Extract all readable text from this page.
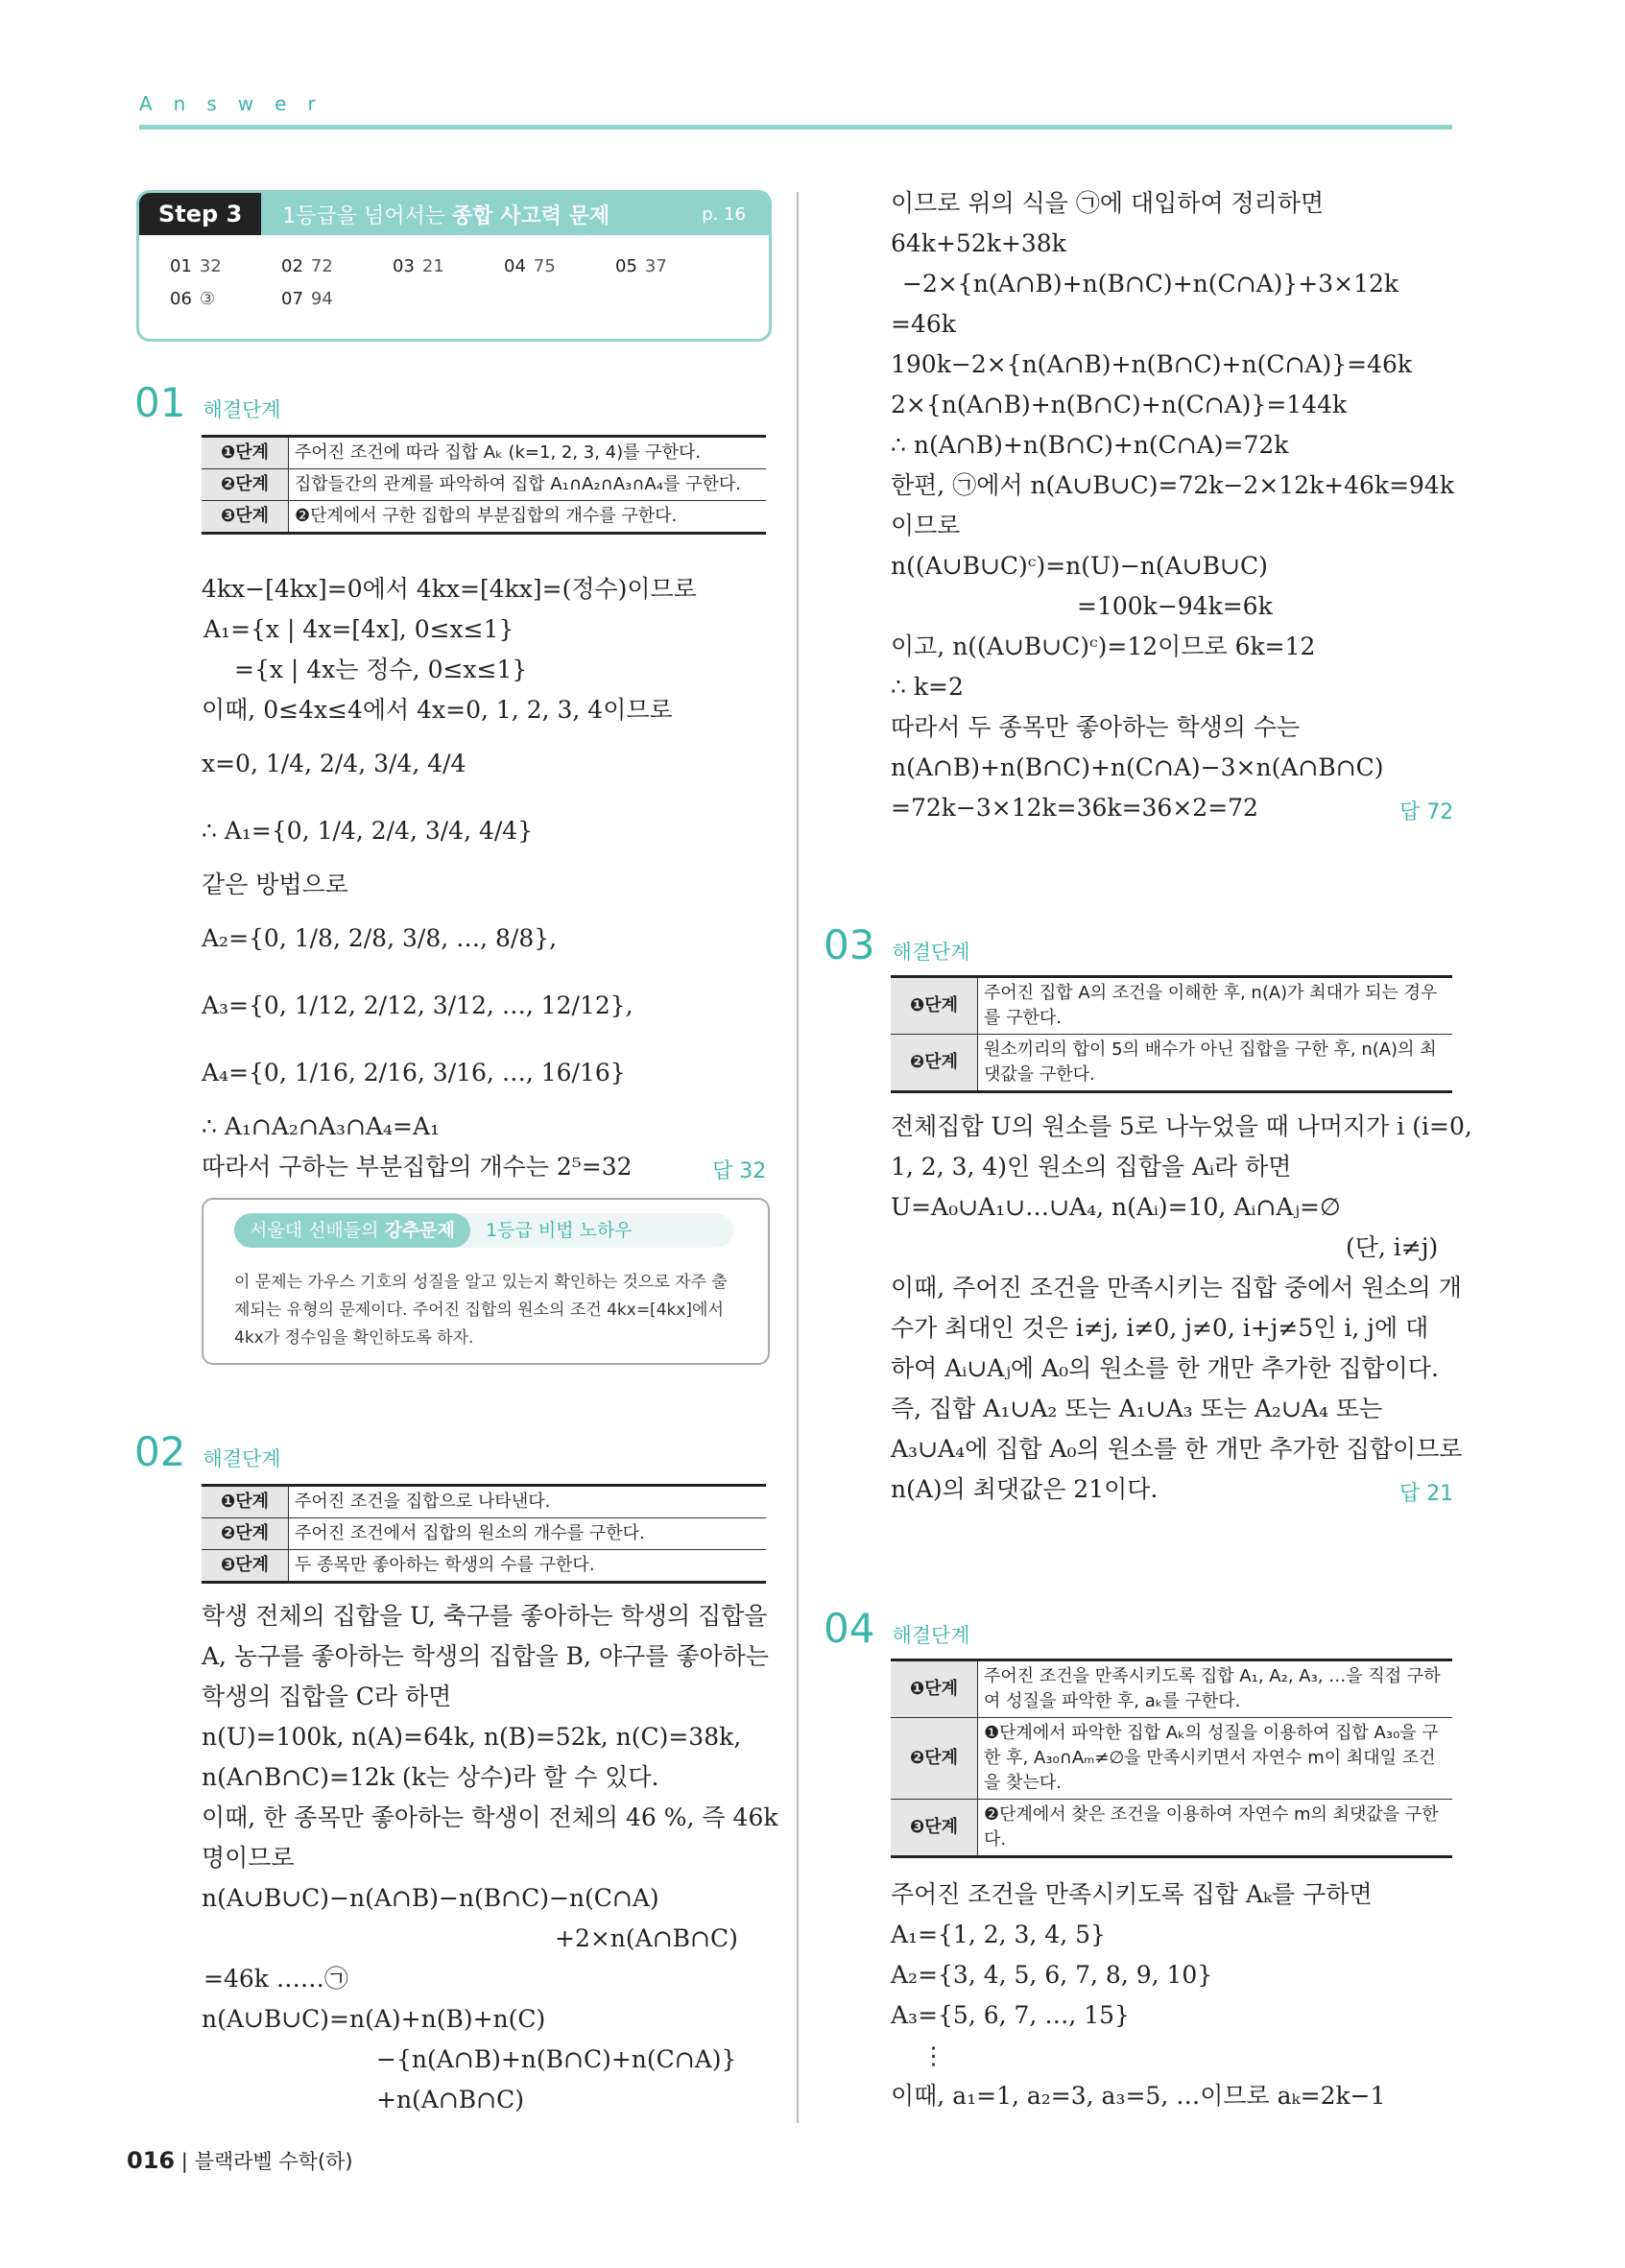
Answer
Step 3	1등급을 넘어서는 종합 사고력 문제	p. 16
01 32	02 72	03 21	04 75	05 37
06 ③	07 94
01 해결단계
❶단계	주어진 조건에 따라 집합 Aₖ (k=1, 2, 3, 4)를 구한다.
❷단계	집합들간의 관계를 파악하여 집합 A₁∩A₂∩A₃∩A₄를 구한다.
❸단계	❷단계에서 구한 집합의 부분집합의 개수를 구한다.
4kx−[4kx]=0에서 4kx=[4kx]=(정수)이므로
A₁={x | 4x=[4x], 0≤x≤1}
={x | 4x는 정수, 0≤x≤1}
이때, 0≤4x≤4에서 4x=0, 1, 2, 3, 4이므로
x=0, 1/4, 2/4, 3/4, 4/4
∴ A₁={0, 1/4, 2/4, 3/4, 4/4}
같은 방법으로
A₂={0, 1/8, 2/8, 3/8, …, 8/8},
A₃={0, 1/12, 2/12, 3/12, …, 12/12},
A₄={0, 1/16, 2/16, 3/16, …, 16/16}
∴ A₁∩A₂∩A₃∩A₄=A₁
따라서 구하는 부분집합의 개수는 2⁵=32	답 32
서울대 선배들의 강추문제	1등급 비법 노하우
이 문제는 가우스 기호의 성질을 알고 있는지 확인하는 것으로 자주 출제되는 유형의 문제이다. 주어진 집합의 원소의 조건 4kx=[4kx]에서 4kx가 정수임을 확인하도록 하자.
02 해결단계
❶단계	주어진 조건을 집합으로 나타낸다.
❷단계	주어진 조건에서 집합의 원소의 개수를 구한다.
❸단계	두 종목만 좋아하는 학생의 수를 구한다.
학생 전체의 집합을 U, 축구를 좋아하는 학생의 집합을
A, 농구를 좋아하는 학생의 집합을 B, 야구를 좋아하는
학생의 집합을 C라 하면
n(U)=100k, n(A)=64k, n(B)=52k, n(C)=38k,
n(A∩B∩C)=12k (k는 상수)라 할 수 있다.
이때, 한 종목만 좋아하는 학생이 전체의 46 %, 즉 46k
명이므로
n(A∪B∪C)−n(A∩B)−n(B∩C)−n(C∩A)
+2×n(A∩B∩C)
=46k ……㉠
n(A∪B∪C)=n(A)+n(B)+n(C)
−{n(A∩B)+n(B∩C)+n(C∩A)}
+n(A∩B∩C)
이므로 위의 식을 ㉠에 대입하여 정리하면
64k+52k+38k
−2×{n(A∩B)+n(B∩C)+n(C∩A)}+3×12k
=46k
190k−2×{n(A∩B)+n(B∩C)+n(C∩A)}=46k
2×{n(A∩B)+n(B∩C)+n(C∩A)}=144k
∴ n(A∩B)+n(B∩C)+n(C∩A)=72k
한편, ㉠에서 n(A∪B∪C)=72k−2×12k+46k=94k
이므로
n((A∪B∪C)ᶜ)=n(U)−n(A∪B∪C)
=100k−94k=6k
이고, n((A∪B∪C)ᶜ)=12이므로 6k=12
∴ k=2
따라서 두 종목만 좋아하는 학생의 수는
n(A∩B)+n(B∩C)+n(C∩A)−3×n(A∩B∩C)
=72k−3×12k=36k=36×2=72	답 72
03 해결단계
❶단계	주어진 집합 A의 조건을 이해한 후, n(A)가 최대가 되는 경우를 구한다.
❷단계	원소끼리의 합이 5의 배수가 아닌 집합을 구한 후, n(A)의 최댓값을 구한다.
전체집합 U의 원소를 5로 나누었을 때 나머지가 i (i=0,
1, 2, 3, 4)인 원소의 집합을 Aᵢ라 하면
U=A₀∪A₁∪…∪A₄, n(Aᵢ)=10, Aᵢ∩Aⱼ=∅
(단, i≠j)
이때, 주어진 조건을 만족시키는 집합 중에서 원소의 개
수가 최대인 것은 i≠j, i≠0, j≠0, i+j≠5인 i, j에 대
하여 Aᵢ∪Aⱼ에 A₀의 원소를 한 개만 추가한 집합이다.
즉, 집합 A₁∪A₂ 또는 A₁∪A₃ 또는 A₂∪A₄ 또는
A₃∪A₄에 집합 A₀의 원소를 한 개만 추가한 집합이므로
n(A)의 최댓값은 21이다.	답 21
04 해결단계
❶단계	주어진 조건을 만족시키도록 집합 A₁, A₂, A₃, …을 직접 구하여 성질을 파악한 후, aₖ를 구한다.
❷단계	❶단계에서 파악한 집합 Aₖ의 성질을 이용하여 집합 A₃₀을 구한 후, A₃₀∩Aₘ≠∅을 만족시키면서 자연수 m이 최대일 조건을 찾는다.
❸단계	❷단계에서 찾은 조건을 이용하여 자연수 m의 최댓값을 구한다.
주어진 조건을 만족시키도록 집합 Aₖ를 구하면
A₁={1, 2, 3, 4, 5}
A₂={3, 4, 5, 6, 7, 8, 9, 10}
A₃={5, 6, 7, …, 15}
⋮
이때, a₁=1, a₂=3, a₃=5, …이므로 aₖ=2k−1
016 | 블랙라벨 수학(하)
